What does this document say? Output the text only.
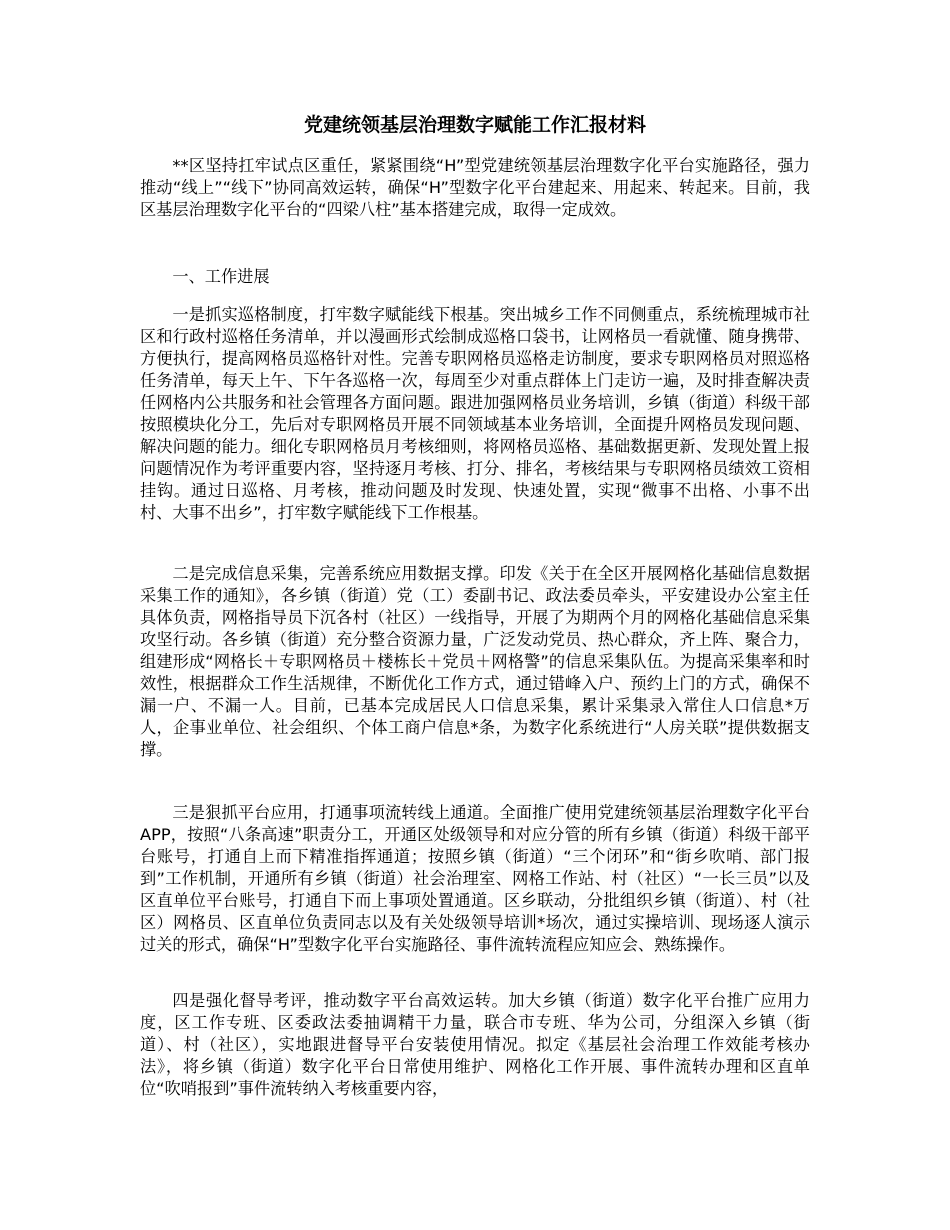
党建统领基层治理数字赋能工作汇报材料

**区坚持扛牢试点区重任，紧紧围绕“H”型党建统领基层治理数字化平台实施路径，强力推动“线上”“线下”协同高效运转，确保“H”型数字化平台建起来、用起来、转起来。目前，我区基层治理数字化平台的“四梁八柱”基本搭建完成，取得一定成效。

一、工作进展

一是抓实巡格制度，打牢数字赋能线下根基。突出城乡工作不同侧重点，系统梳理城市社区和行政村巡格任务清单，并以漫画形式绘制成巡格口袋书，让网格员一看就懂、随身携带、方便执行，提高网格员巡格针对性。完善专职网格员巡格走访制度，要求专职网格员对照巡格任务清单，每天上午、下午各巡格一次，每周至少对重点群体上门走访一遍，及时排查解决责任网格内公共服务和社会管理各方面问题。跟进加强网格员业务培训，乡镇（街道）科级干部按照模块化分工，先后对专职网格员开展不同领域基本业务培训，全面提升网格员发现问题、解决问题的能力。细化专职网格员月考核细则，将网格员巡格、基础数据更新、发现处置上报问题情况作为考评重要内容，坚持逐月考核、打分、排名，考核结果与专职网格员绩效工资相挂钩。通过日巡格、月考核，推动问题及时发现、快速处置，实现“微事不出格、小事不出村、大事不出乡”，打牢数字赋能线下工作根基。

二是完成信息采集，完善系统应用数据支撑。印发《关于在全区开展网格化基础信息数据采集工作的通知》，各乡镇（街道）党（工）委副书记、政法委员牵头，平安建设办公室主任具体负责，网格指导员下沉各村（社区）一线指导，开展了为期两个月的网格化基础信息采集攻坚行动。各乡镇（街道）充分整合资源力量，广泛发动党员、热心群众，齐上阵、聚合力，组建形成“网格长＋专职网格员＋楼栋长＋党员＋网格警”的信息采集队伍。为提高采集率和时效性，根据群众工作生活规律，不断优化工作方式，通过错峰入户、预约上门的方式，确保不漏一户、不漏一人。目前，已基本完成居民人口信息采集，累计采集录入常住人口信息*万人，企事业单位、社会组织、个体工商户信息*条，为数字化系统进行“人房关联”提供数据支撑。

三是狠抓平台应用，打通事项流转线上通道。全面推广使用党建统领基层治理数字化平台 APP，按照“八条高速”职责分工，开通区处级领导和对应分管的所有乡镇（街道）科级干部平台账号，打通自上而下精准指挥通道；按照乡镇（街道）“三个闭环”和“街乡吹哨、部门报到”工作机制，开通所有乡镇（街道）社会治理室、网格工作站、村（社区）“一长三员”以及区直单位平台账号，打通自下而上事项处置通道。区乡联动，分批组织乡镇（街道）、村（社区）网格员、区直单位负责同志以及有关处级领导培训*场次，通过实操培训、现场逐人演示过关的形式，确保“H”型数字化平台实施路径、事件流转流程应知应会、熟练操作。

四是强化督导考评，推动数字平台高效运转。加大乡镇（街道）数字化平台推广应用力度，区工作专班、区委政法委抽调精干力量，联合市专班、华为公司，分组深入乡镇（街道）、村（社区），实地跟进督导平台安装使用情况。拟定《基层社会治理工作效能考核办法》，将乡镇（街道）数字化平台日常使用维护、网格化工作开展、事件流转办理和区直单位“吹哨报到”事件流转纳入考核重要内容，
